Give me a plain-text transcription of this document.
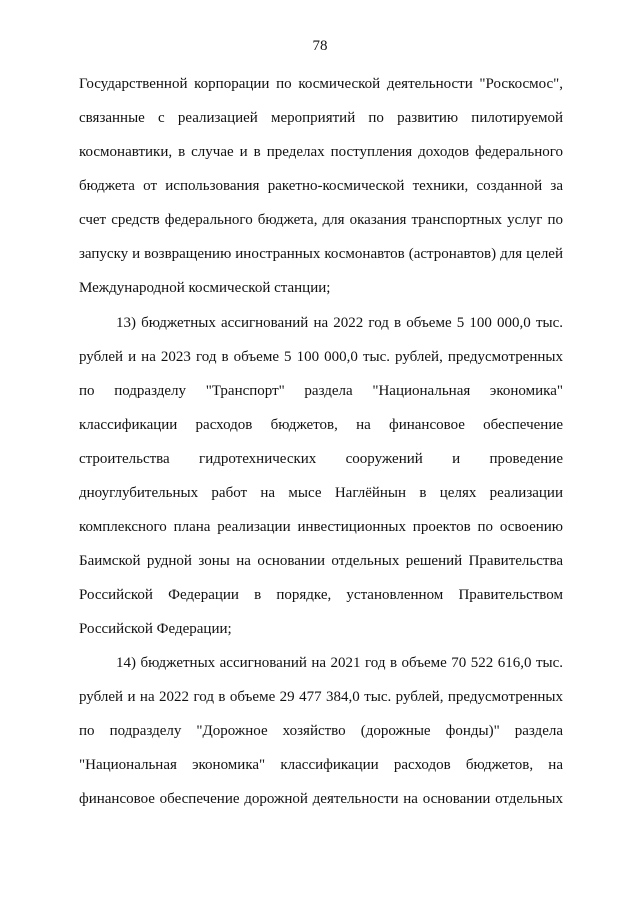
78
Государственной корпорации по космической деятельности "Роскосмос",
связанные с реализацией мероприятий по развитию пилотируемой
космонавтики, в случае и в пределах поступления доходов федерального
бюджета от использования ракетно-космической техники, созданной за
счет средств федерального бюджета, для оказания транспортных услуг по
запуску и возвращению иностранных космонавтов (астронавтов) для целей
Международной космической станции;
13) бюджетных ассигнований на 2022 год в объеме 5 100 000,0 тыс.
рублей и на 2023 год в объеме 5 100 000,0 тыс. рублей, предусмотренных
по подразделу "Транспорт" раздела "Национальная экономика"
классификации расходов бюджетов, на финансовое обеспечение
строительства гидротехнических сооружений и проведение
дноуглубительных работ на мысе Наглёйнын в целях реализации
комплексного плана реализации инвестиционных проектов по освоению
Баимской рудной зоны на основании отдельных решений Правительства
Российской Федерации в порядке, установленном Правительством
Российской Федерации;
14) бюджетных ассигнований на 2021 год в объеме 70 522 616,0 тыс.
рублей и на 2022 год в объеме 29 477 384,0 тыс. рублей, предусмотренных
по подразделу "Дорожное хозяйство (дорожные фонды)" раздела
"Национальная экономика" классификации расходов бюджетов, на
финансовое обеспечение дорожной деятельности на основании отдельных
